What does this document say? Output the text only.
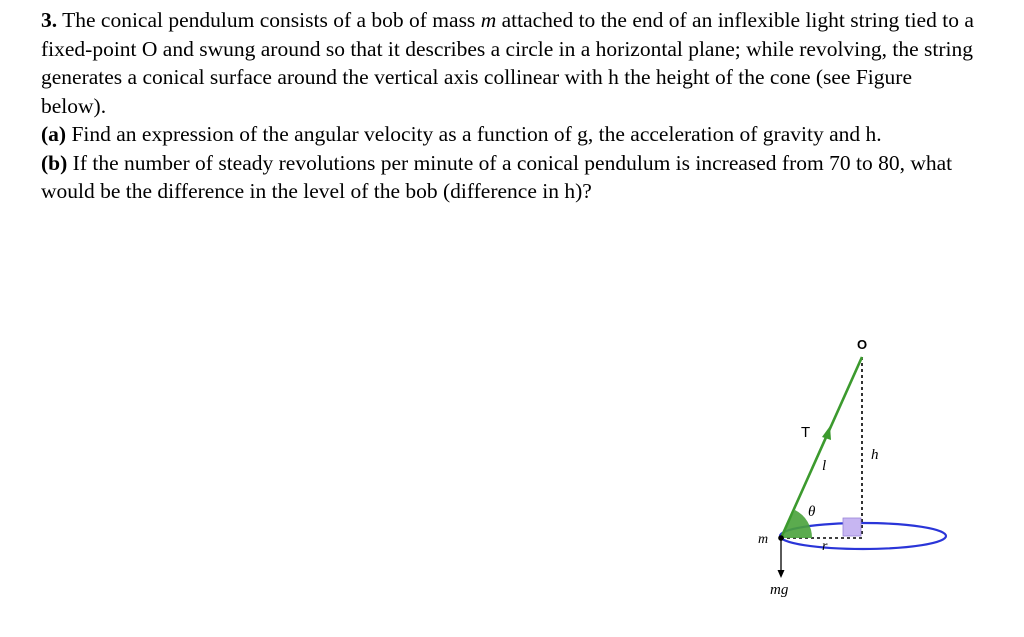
3. The conical pendulum consists of a bob of mass m attached to the end of an inflexible light string tied to a fixed-point O and swung around so that it describes a circle in a horizontal plane; while revolving, the string generates a conical surface around the vertical axis collinear with h the height of the cone (see Figure below).

(a) Find an expression of the angular velocity as a function of g, the acceleration of gravity and h.

(b) If the number of steady revolutions per minute of a conical pendulum is increased from 70 to 80, what would be the difference in the level of the bob (difference in h)?

O
T
l
h
θ
r
m
mg
